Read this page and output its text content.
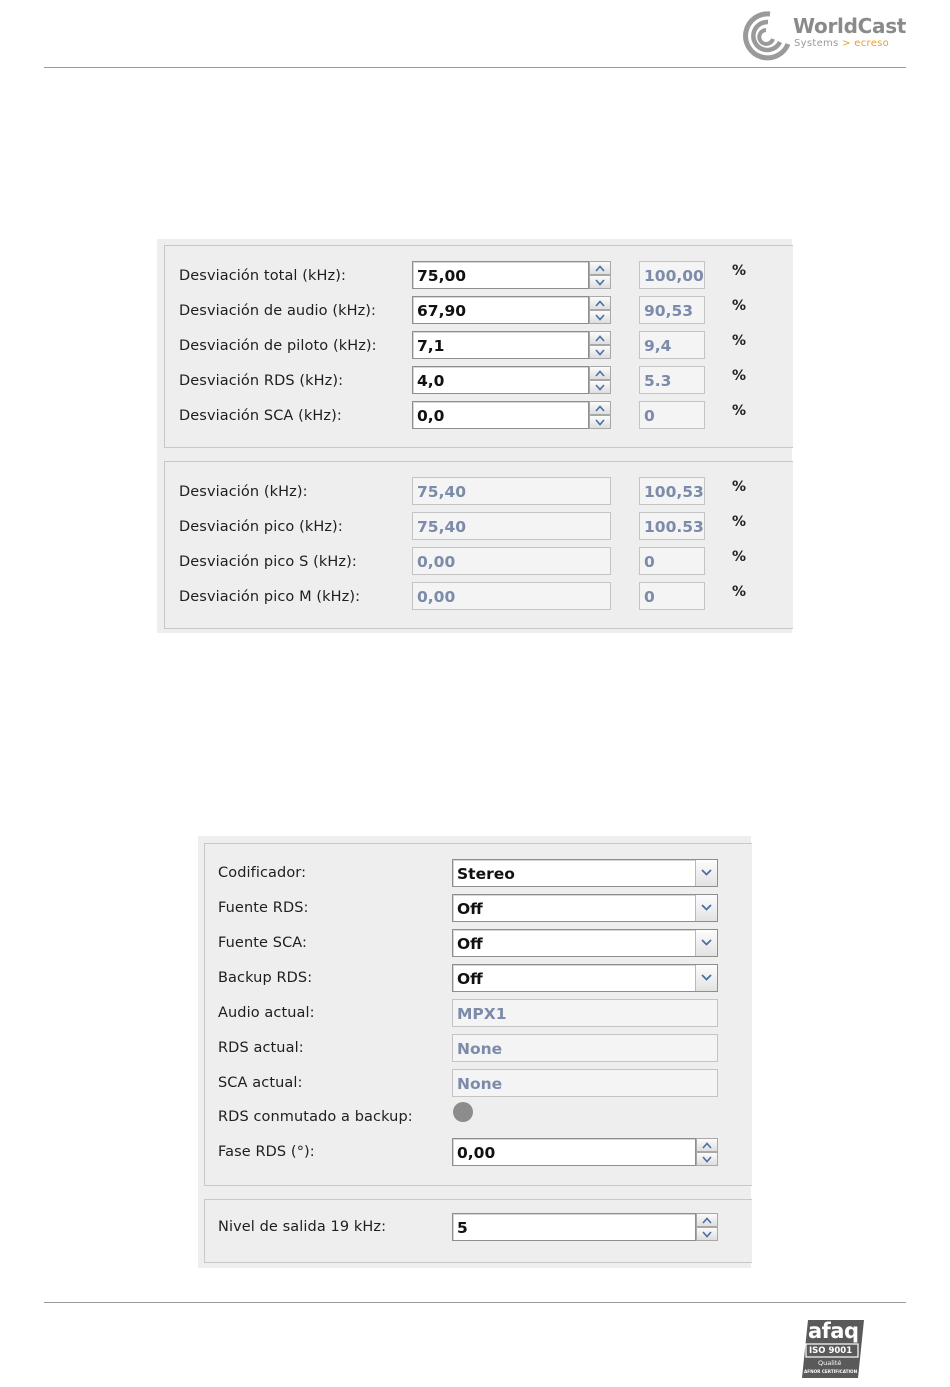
WorldCast
Systems > ecreso
Desviación total (kHz):	75,00	100,00 %
Desviación de audio (kHz):	67,90	90,53	%
Desviación de piloto (kHz):	7,1	9,4	%
Desviación RDS (kHz):	4,0	5.3	%
Desviación SCA (kHz):	0,0	0	%
Desviación (kHz):	75,40	100,53 %
Desviación pico (kHz):	75,40	100.53 %
Desviación pico S (kHz):	0,00	0	%
Desviación pico M (kHz):	0,00	0	%
Codificador:	Stereo
Fuente RDS:	Off
Fuente SCA:	Off
Backup RDS:	Off
Audio actual:	MPX1
RDS actual:	None
SCA actual:	None
RDS conmutado a backup:
Fase RDS (°):	0,00
Nivel de salida 19 kHz:	5
afaq
ISO 9001
Qualité
AFNOR CERTIFICATION
